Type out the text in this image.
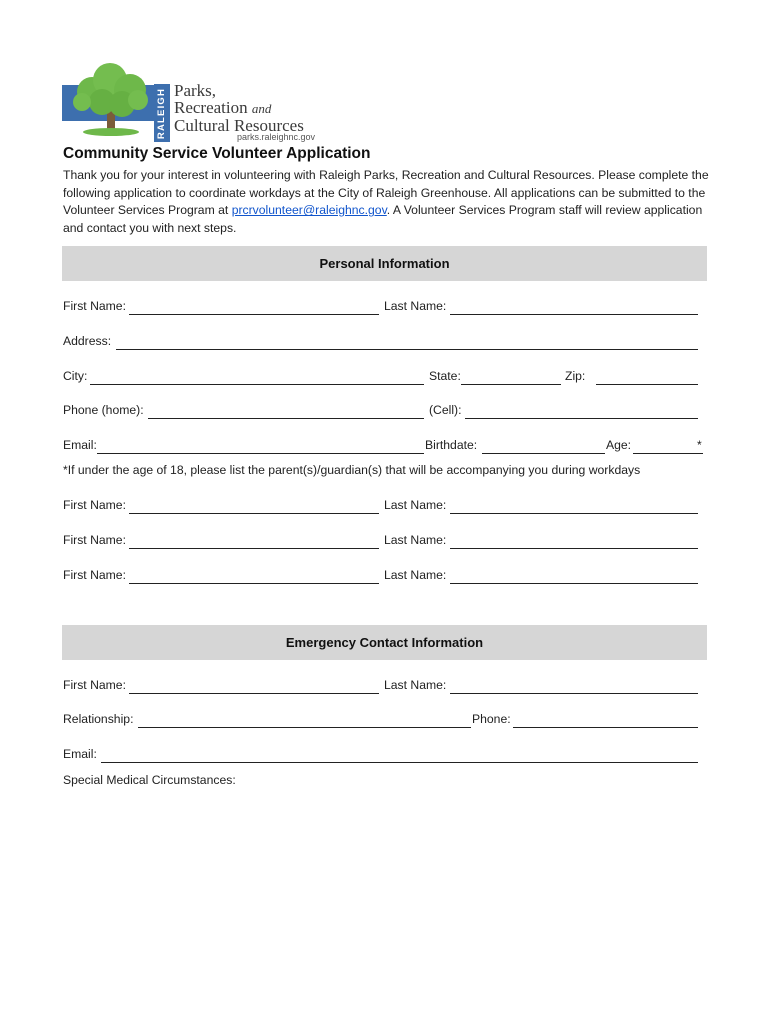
RALEIGH Parks,
Recreation and
Cultural Resources
parks.raleighnc.gov
Community Service Volunteer Application
Thank you for your interest in volunteering with Raleigh Parks, Recreation and Cultural Resources. Please complete the following application to coordinate workdays at the City of Raleigh Greenhouse. All applications can be submitted to the Volunteer Services Program at prcrvolunteer@raleighnc.gov. A Volunteer Services Program staff will review application and contact you with next steps.
Personal Information
First Name:	Last Name:
Address:
City:	State:	Zip:
Phone (home):	(Cell):
Email:	Birthdate:	Age:	*
*If under the age of 18, please list the parent(s)/guardian(s) that will be accompanying you during workdays
First Name:	Last Name:
First Name:	Last Name:
First Name:	Last Name:
Emergency Contact Information
First Name:	Last Name:
Relationship:	Phone:
Email:
Special Medical Circumstances:
